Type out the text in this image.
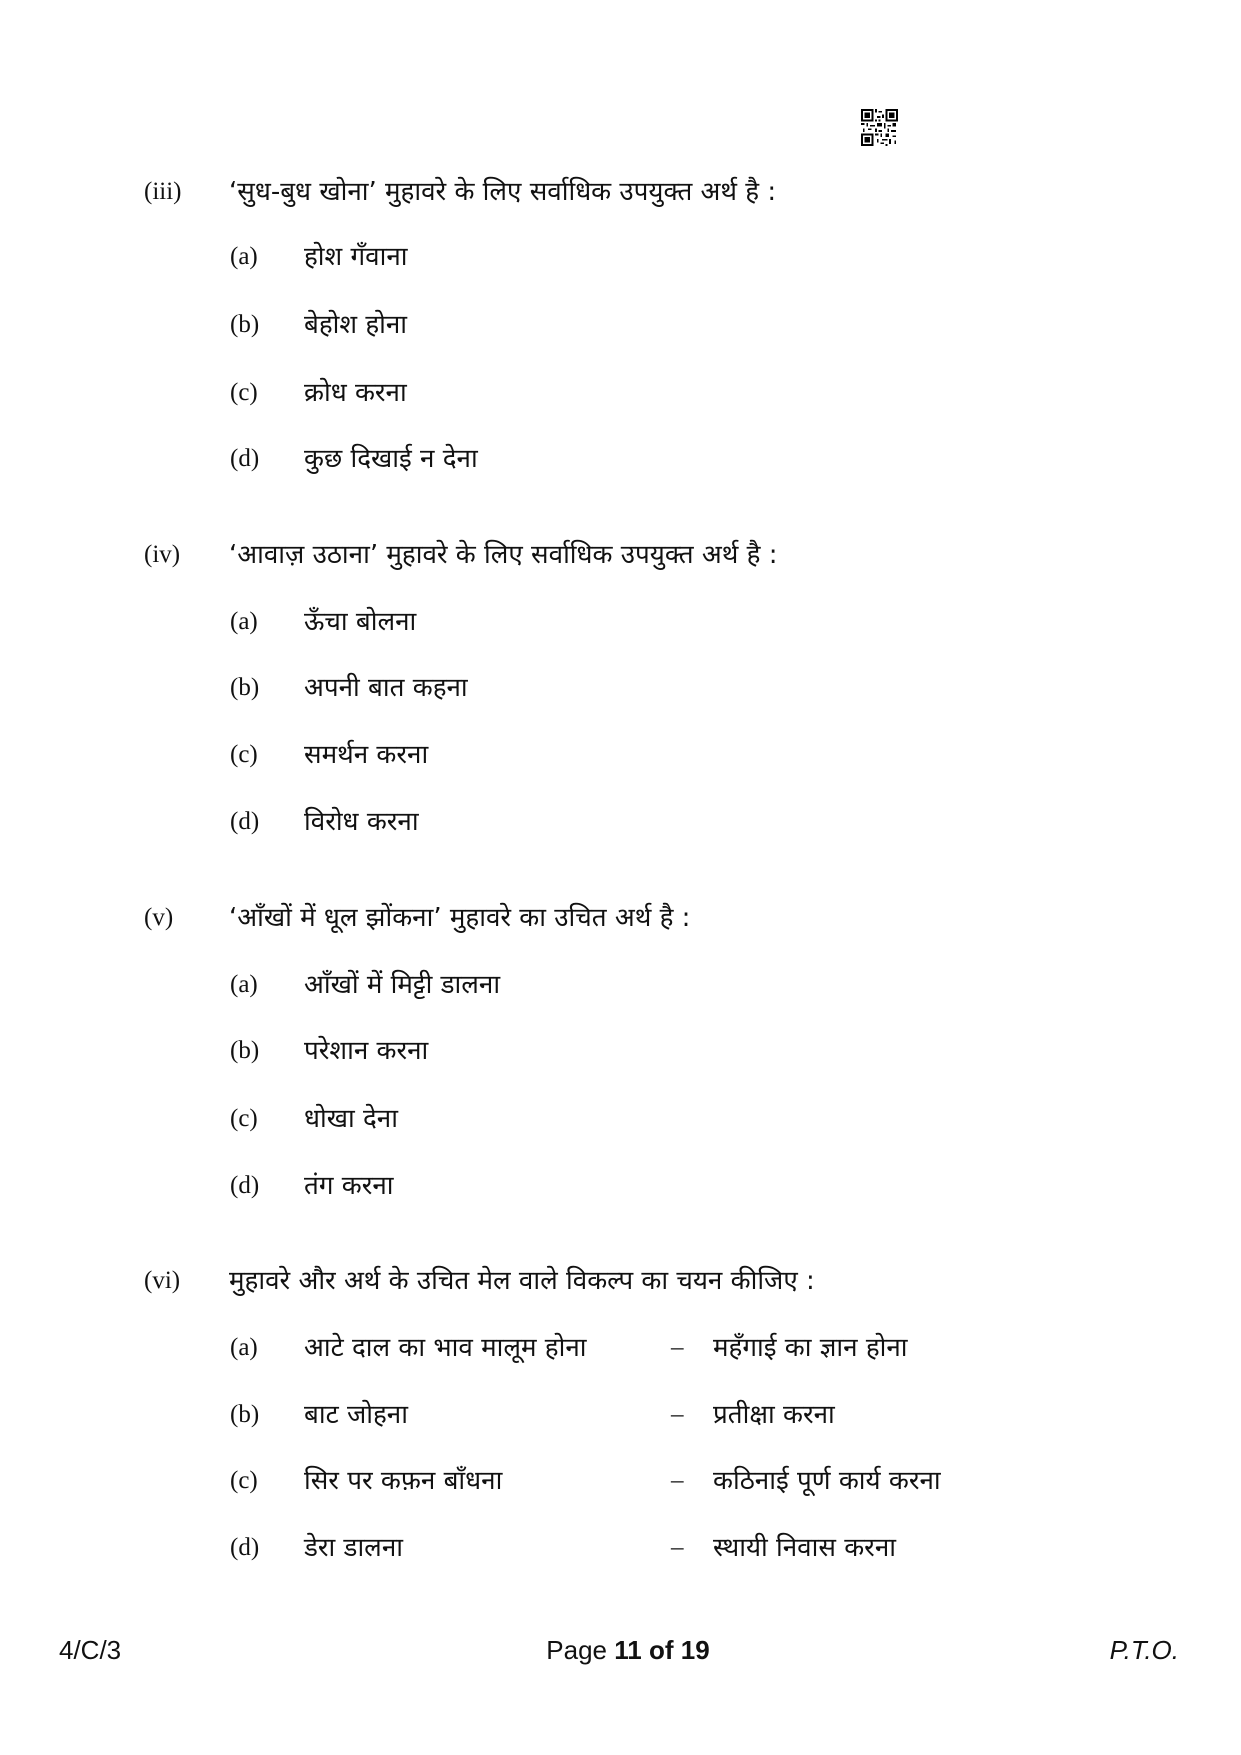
(iii) ‘सुध-बुध खोना’ मुहावरे के लिए सर्वाधिक उपयुक्त अर्थ है :
(a) होश गँवाना
(b) बेहोश होना
(c) क्रोध करना
(d) कुछ दिखाई न देना
(iv) ‘आवाज़ उठाना’ मुहावरे के लिए सर्वाधिक उपयुक्त अर्थ है :
(a) ऊँचा बोलना
(b) अपनी बात कहना
(c) समर्थन करना
(d) विरोध करना
(v) ‘आँखों में धूल झोंकना’ मुहावरे का उचित अर्थ है :
(a) आँखों में मिट्टी डालना
(b) परेशान करना
(c) धोखा देना
(d) तंग करना
(vi) मुहावरे और अर्थ के उचित मेल वाले विकल्प का चयन कीजिए :
(a) आटे दाल का भाव मालूम होना	– महँगाई का ज्ञान होना
(b) बाट जोहना	– प्रतीक्षा करना
(c) सिर पर कफ़न बाँधना	– कठिनाई पूर्ण कार्य करना
(d) डेरा डालना	– स्थायी निवास करना
4/C/3	Page 11 of 19	P.T.O.
